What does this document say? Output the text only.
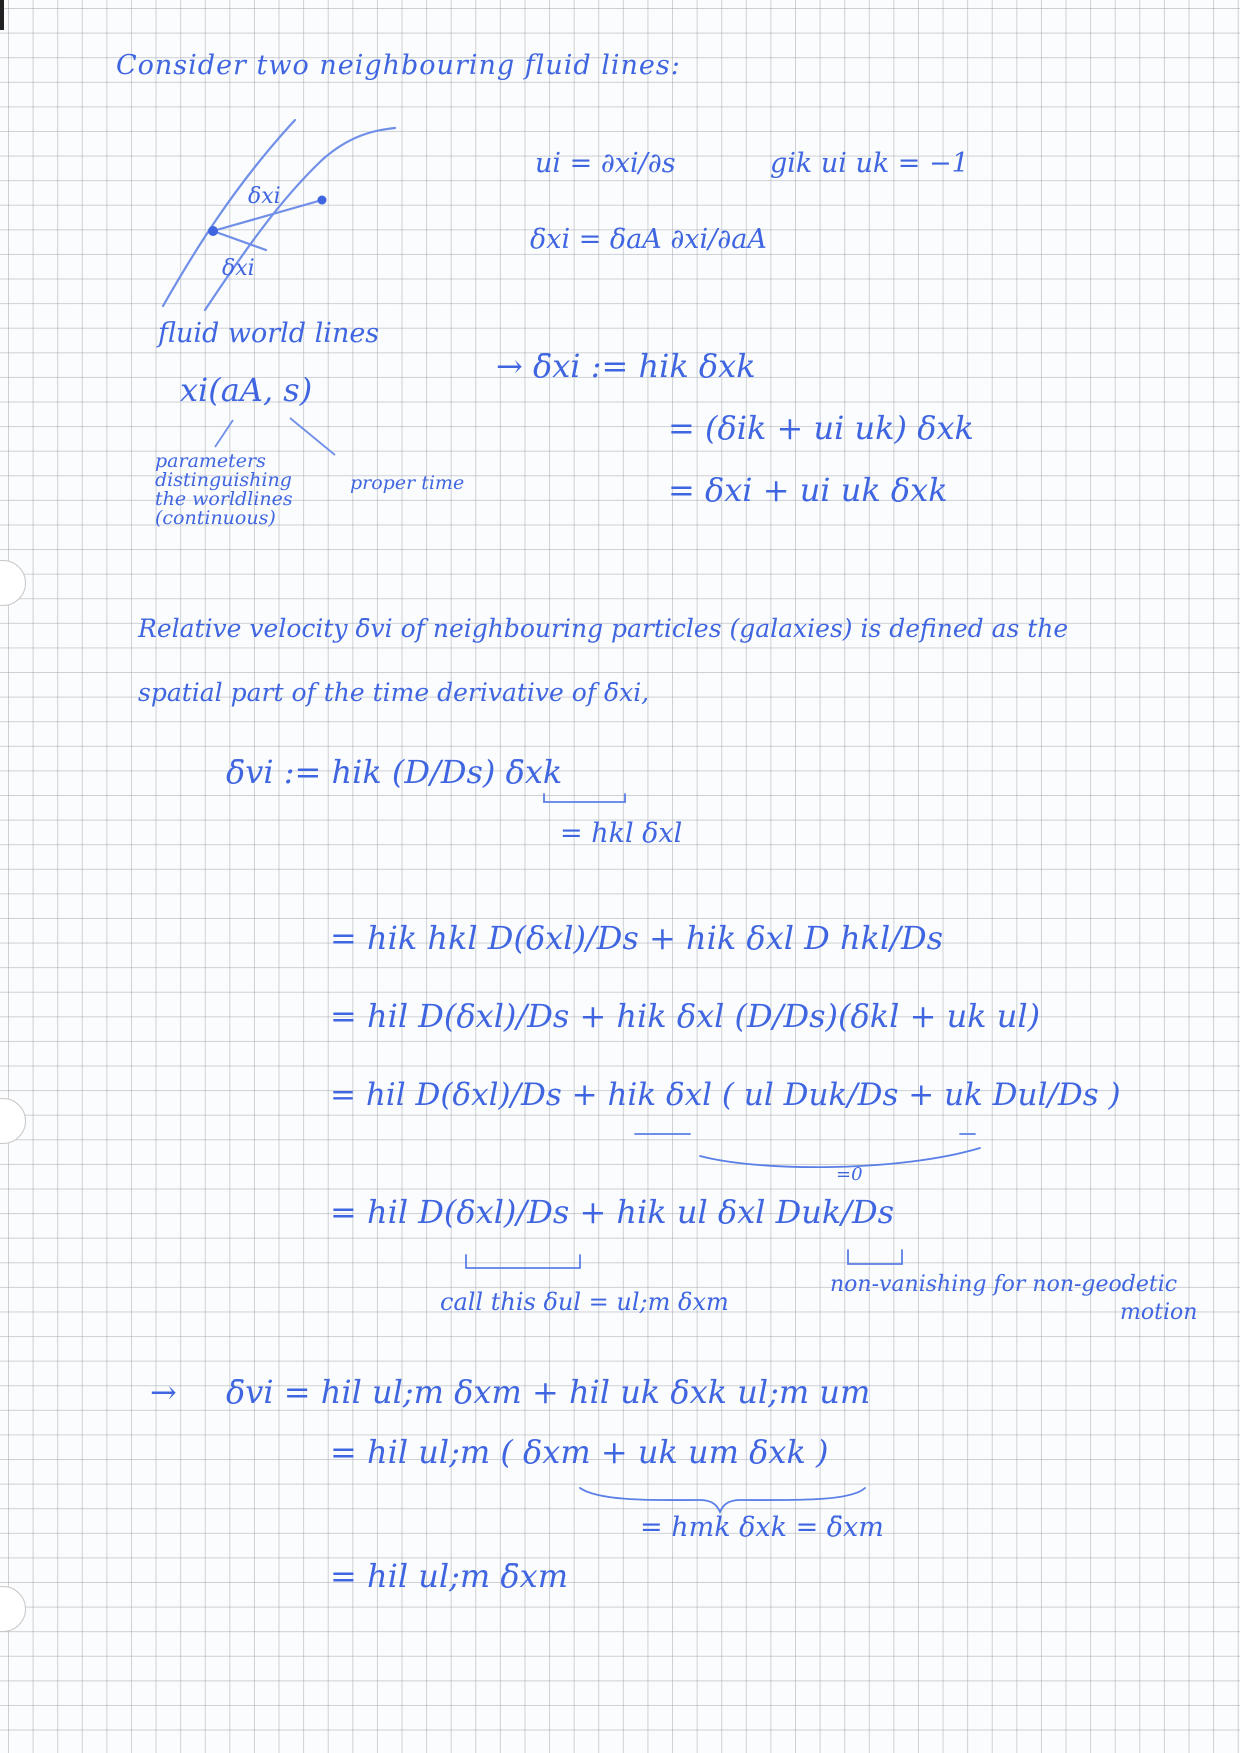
Consider two neighbouring fluid lines:
δxi
δxi
fluid world lines
xi(aA, s)
parameters
distinguishing
the worldlines
(continuous)
proper time
ui = ∂xi/∂s	gik ui uk = −1
δxi = δaA ∂xi/∂aA
→ δ̄xi := hik δxk
= (δik + ui uk) δxk
= δxi + ui uk δxk
Relative velocity δ̄vi of neighbouring particles (galaxies) is defined as the
spatial part of the time derivative of δ̄xi,
δ̄vi := hik (D/Ds) δ̄xk
= hkl δxl
= hik hkl D(δxl)/Ds + hik δxl D hkl/Ds
= hil D(δxl)/Ds + hik δxl (D/Ds)(δkl + uk ul)
= hil D(δxl)/Ds + hik δxl ( ul Duk/Ds + uk Dul/Ds )
=0
= hil D(δxl)/Ds + hik ul δxl Duk/Ds
call this δul = ul;m δxm
non-vanishing for non-geodetic
motion
→ δ̄vi = hil ul;m δxm + hil uk δxk ul;m um
= hil ul;m ( δxm + uk um δxk )
= hmk δxk = δ̄xm
= hil ul;m δ̄xm
